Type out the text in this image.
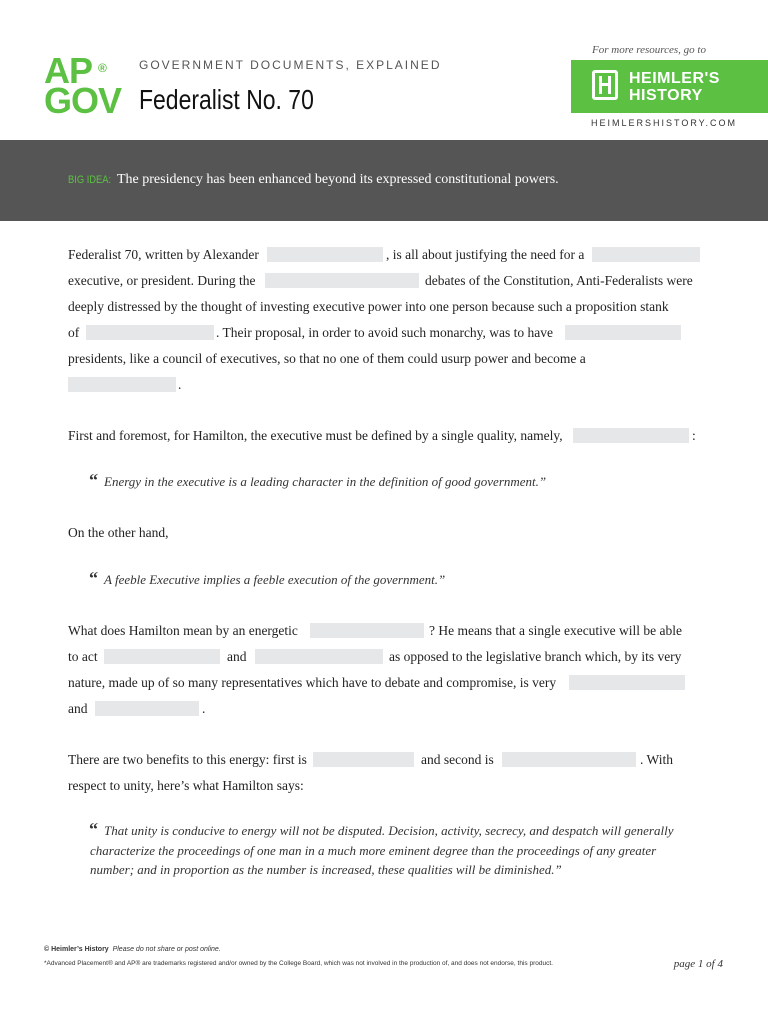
AP ®
GOV
GOVERNMENT DOCUMENTS, EXPLAINED
Federalist No. 70
For more resources, go to
HEIMLER'S
HISTORY
HEIMLERSHISTORY.COM
BIG IDEA: The presidency has been enhanced beyond its expressed constitutional powers.
Federalist 70, written by Alexander	, is all about justifying the need for a
executive, or president. During the	debates of the Constitution, Anti-Federalists were
deeply distressed by the thought of investing executive power into one person because such a proposition stank
of	. Their proposal, in order to avoid such monarchy, was to have
presidents, like a council of executives, so that no one of them could usurp power and become a
.
First and foremost, for Hamilton, the executive must be defined by a single quality, namely,	:
“ Energy in the executive is a leading character in the definition of good government.”
On the other hand,
“ A feeble Executive implies a feeble execution of the government.”
What does Hamilton mean by an energetic	? He means that a single executive will be able
to act	and	as opposed to the legislative branch which, by its very
nature, made up of so many representatives which have to debate and compromise, is very
and	.
There are two benefits to this energy: first is	and second is	. With
respect to unity, here’s what Hamilton says:
“ That unity is conducive to energy will not be disputed. Decision, activity, secrecy, and despatch will generally
characterize the proceedings of one man in a much more eminent degree than the proceedings of any greater
number; and in proportion as the number is increased, these qualities will be diminished.”
© Heimler’s History Please do not share or post online.
*Advanced Placement® and AP® are trademarks registered and/or owned by the College Board, which was not involved in the production of, and does not endorse, this product.	page 1 of 4
